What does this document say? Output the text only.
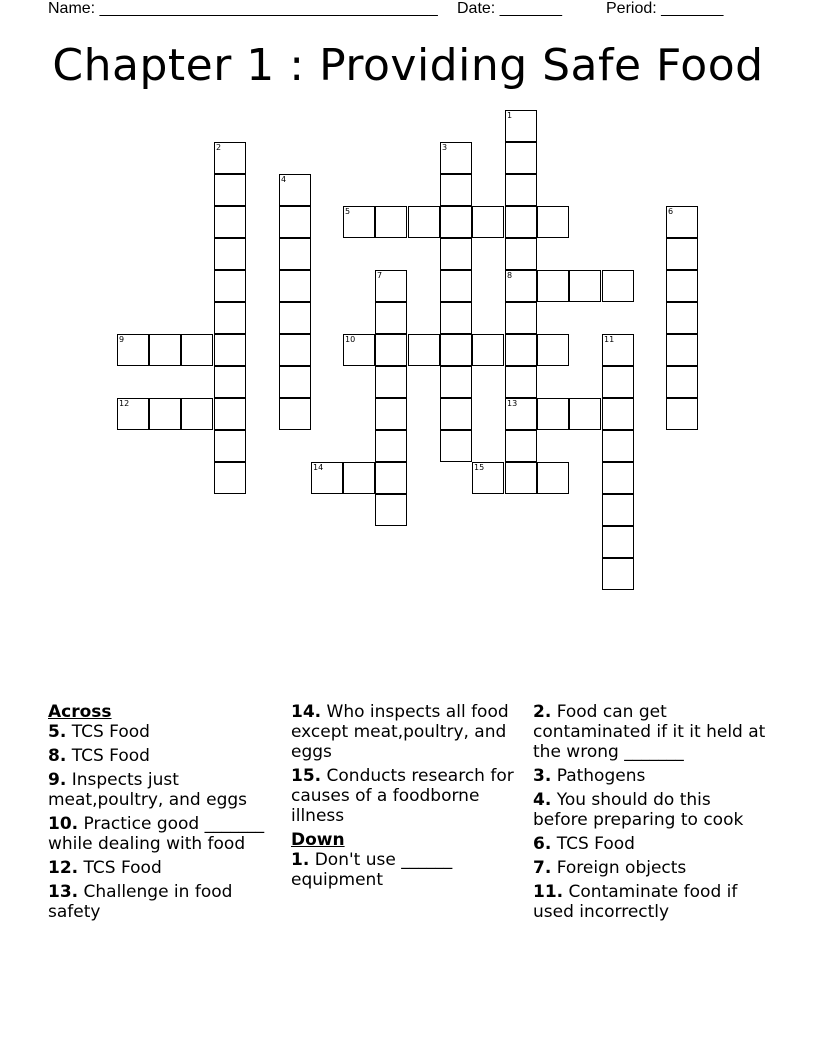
Name: ______________________________________ Date: _______	Period: _______
Chapter 1 : Providing Safe Food
1
2	3
4
5	6
7	8
9	10	11
12	13
14	15

Across

5. TCS Food

8. TCS Food

9. Inspects just meat,poultry, and eggs

10. Practice good _______ while dealing with food

12. TCS Food

13. Challenge in food safety

14. Who inspects all food except meat,poultry, and eggs

15. Conducts research for causes of a foodborne illness

Down

1. Don't use ______ equipment

2. Food can get contaminated if it it held at the wrong _______

3. Pathogens

4. You should do this before preparing to cook

6. TCS Food

7. Foreign objects

11. Contaminate food if used incorrectly
